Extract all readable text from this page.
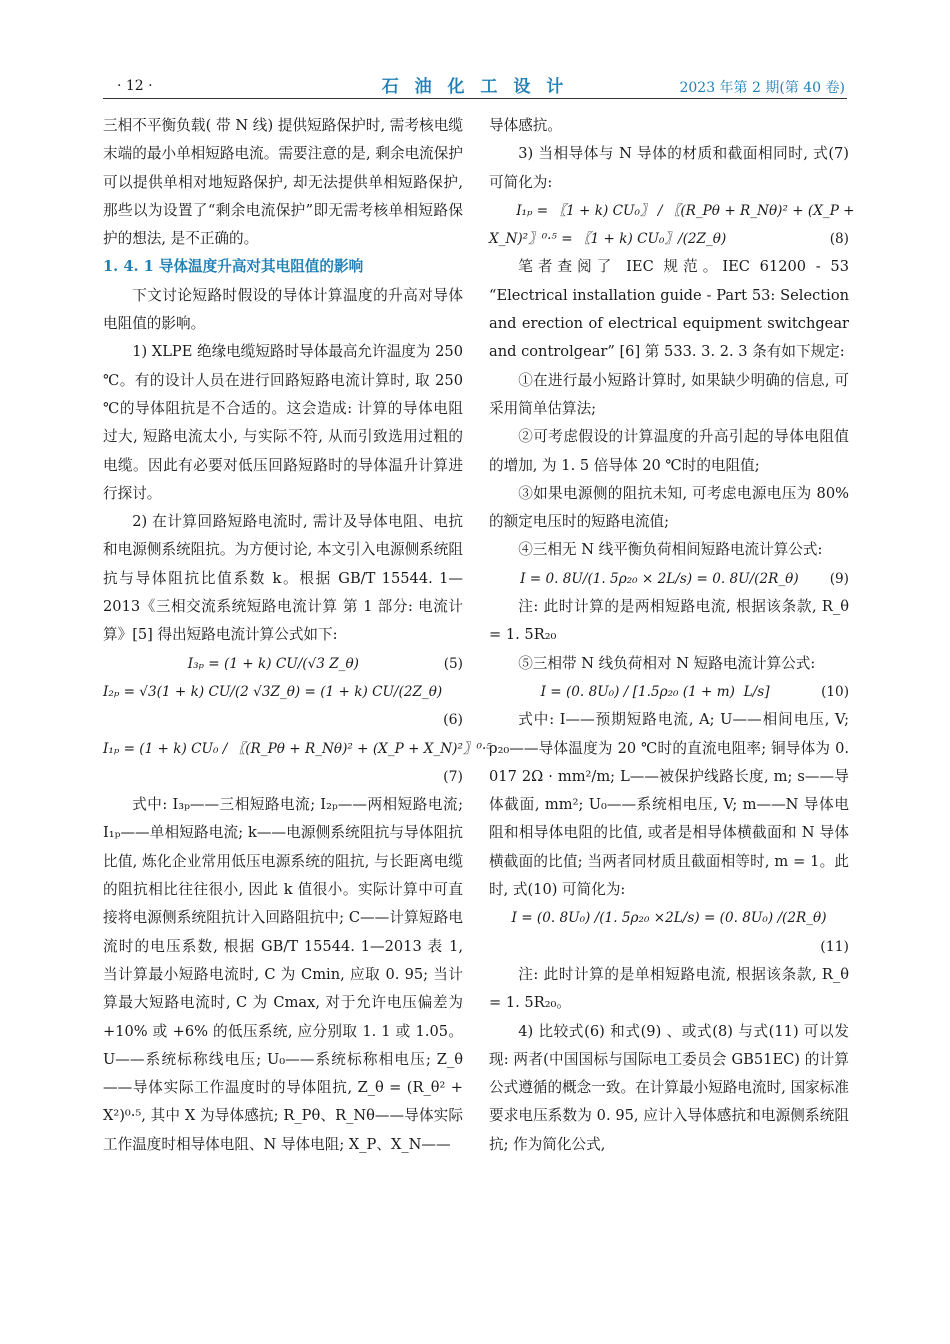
· 12 ·	石 油 化 工 设 计	2023 年第 2 期(第 40 卷)

三相不平衡负载( 带 N 线) 提供短路保护时, 需考核电缆末端的最小单相短路电流。需要注意的是, 剩余电流保护可以提供单相对地短路保护, 却无法提供单相短路保护, 那些以为设置了“剩余电流保护”即无需考核单相短路保护的想法, 是不正确的。

1. 4. 1 导体温度升高对其电阻值的影响

下文讨论短路时假设的导体计算温度的升高对导体电阻值的影响。

1) XLPE 绝缘电缆短路时导体最高允许温度为 250 ℃。有的设计人员在进行回路短路电流计算时, 取 250 ℃的导体阻抗是不合适的。这会造成: 计算的导体电阻过大, 短路电流太小, 与实际不符, 从而引致选用过粗的电缆。因此有必要对低压回路短路时的导体温升计算进行探讨。

2) 在计算回路短路电流时, 需计及导体电阻、电抗和电源侧系统阻抗。为方便讨论, 本文引入电源侧系统阻抗与导体阻抗比值系数 k。根据 GB/T 15544. 1—2013《三相交流系统短路电流计算 第 1 部分: 电流计算》[5] 得出短路电流计算公式如下:

I₃ₚ = (1 + k) CU/(√3 Z_θ)	(5)

I₂ₚ = √3(1 + k) CU/(2 √3Z_θ) = (1 + k) CU/(2Z_θ)

(6)

I₁ₚ = (1 + k) CU₀ / 〖(R_Pθ + R_Nθ)² + (X_P + X_N)²〗⁰·⁵

(7)

式中: I₃ₚ——三相短路电流; I₂ₚ——两相短路电流; I₁ₚ——单相短路电流; k——电源侧系统阻抗与导体阻抗比值, 炼化企业常用低压电源系统的阻抗, 与长距离电缆的阻抗相比往往很小, 因此 k 值很小。实际计算中可直接将电源侧系统阻抗计入回路阻抗中; C——计算短路电流时的电压系数, 根据 GB/T 15544. 1—2013 表 1, 当计算最小短路电流时, C 为 Cmin, 应取 0. 95; 当计算最大短路电流时, C 为 Cmax, 对于允许电压偏差为 +10% 或 +6% 的低压系统, 应分别取 1. 1 或 1.05。U——系统标称线电压; U₀——系统标称相电压; Z_θ——导体实际工作温度时的导体阻抗, Z_θ = (R_θ² + X²)⁰·⁵, 其中 X 为导体感抗; R_Pθ、R_Nθ——导体实际工作温度时相导体电阻、N 导体电阻; X_P、X_N——

导体感抗。

3) 当相导体与 N 导体的材质和截面相同时, 式(7) 可简化为:

I₁ₚ = 〖1 + k) CU₀〗 / 〖(R_Pθ + R_Nθ)² + (X_P +

X_N)²〗⁰·⁵ = 〖1 + k) CU₀〗/(2Z_θ)	(8)

笔者查阅了 IEC 规范。IEC 61200 - 53 “Electrical installation guide - Part 53: Selection and erection of electrical equipment switchgear and controlgear” [6] 第 533. 3. 2. 3 条有如下规定:

①在进行最小短路计算时, 如果缺少明确的信息, 可采用简单估算法;

②可考虑假设的计算温度的升高引起的导体电阻值的增加, 为 1. 5 倍导体 20 ℃时的电阻值;

③如果电源侧的阻抗未知, 可考虑电源电压为 80% 的额定电压时的短路电流值;

④三相无 N 线平衡负荷相间短路电流计算公式:

I = 0. 8U/(1. 5ρ₂₀ × 2L/s) = 0. 8U/(2R_θ) (9)

注: 此时计算的是两相短路电流, 根据该条款, R_θ = 1. 5R₂₀

⑤三相带 N 线负荷相对 N 短路电流计算公式:

I = (0. 8U₀) / [1.5ρ₂₀ (1 + m)  L/s]	(10)

式中: I——预期短路电流, A; U——相间电压, V; ρ₂₀——导体温度为 20 ℃时的直流电阻率; 铜导体为 0. 017 2Ω · mm²/m; L——被保护线路长度, m; s——导体截面, mm²; U₀——系统相电压, V; m——N 导体电阻和相导体电阻的比值, 或者是相导体横截面和 N 导体横截面的比值; 当两者同材质且截面相等时, m = 1。此时, 式(10) 可简化为:

I = (0. 8U₀) /(1. 5ρ₂₀ ×2L/s) = (0. 8U₀) /(2R_θ)

(11)

注: 此时计算的是单相短路电流, 根据该条款, R_θ = 1. 5R₂₀。

4) 比较式(6) 和式(9) 、或式(8) 与式(11) 可以发现: 两者(中国国标与国际电工委员会 GB51EC) 的计算公式遵循的概念一致。在计算最小短路电流时, 国家标准要求电压系数为 0. 95, 应计入导体感抗和电源侧系统阻抗; 作为简化公式,
